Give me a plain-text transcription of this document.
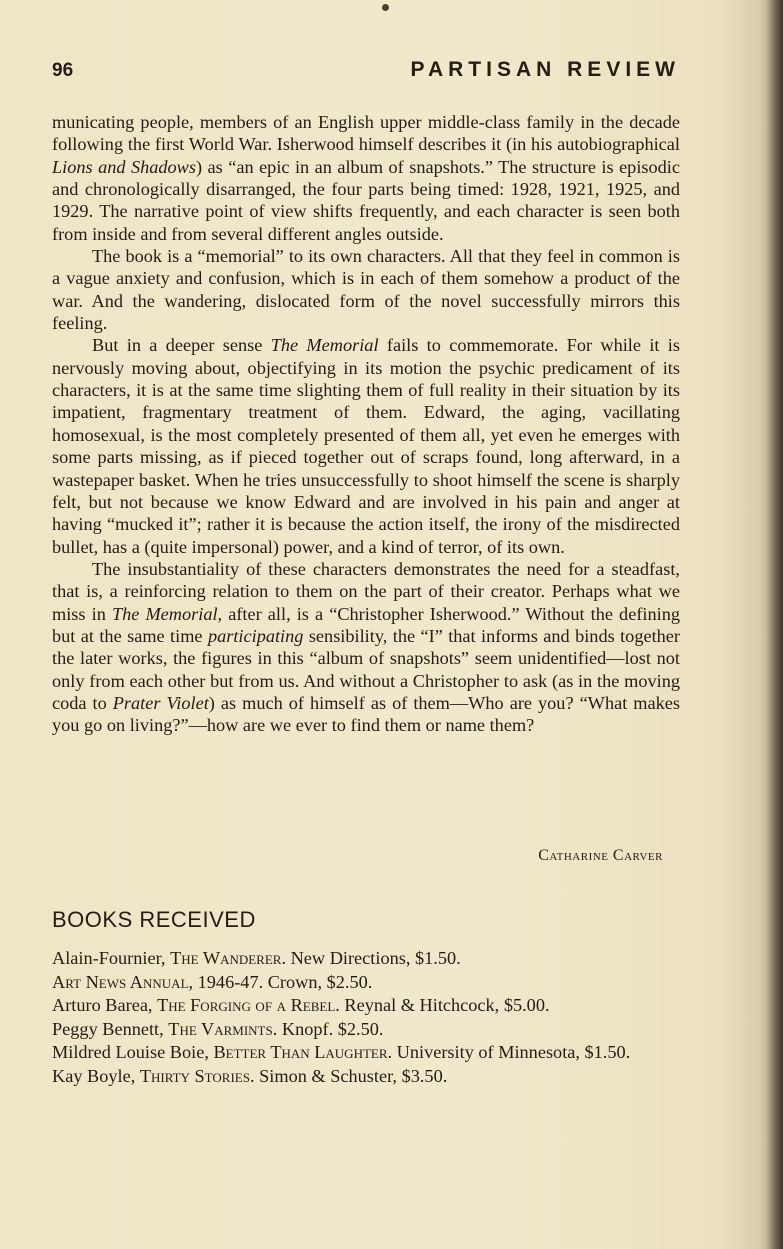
96	PARTISAN REVIEW

municating people, members of an English upper middle-class family in the decade following the first World War. Isherwood himself describes it (in his autobiographical Lions and Shadows) as “an epic in an album of snapshots.” The structure is episodic and chronologically disarranged, the four parts being timed: 1928, 1921, 1925, and 1929. The narrative point of view shifts frequently, and each character is seen both from inside and from several different angles outside.

The book is a “memorial” to its own characters. All that they feel in common is a vague anxiety and confusion, which is in each of them somehow a product of the war. And the wandering, dislocated form of the novel successfully mirrors this feeling.

But in a deeper sense The Memorial fails to commemorate. For while it is nervously moving about, objectifying in its motion the psychic predicament of its characters, it is at the same time slighting them of full reality in their situation by its impatient, fragmentary treatment of them. Edward, the aging, vacillating homosexual, is the most completely presented of them all, yet even he emerges with some parts missing, as if pieced together out of scraps found, long afterward, in a wastepaper basket. When he tries unsuccessfully to shoot himself the scene is sharply felt, but not because we know Edward and are involved in his pain and anger at having “mucked it”; rather it is because the action itself, the irony of the misdirected bullet, has a (quite impersonal) power, and a kind of terror, of its own.

The insubstantiality of these characters demonstrates the need for a steadfast, that is, a reinforcing relation to them on the part of their creator. Perhaps what we miss in The Memorial, after all, is a “Christopher Isherwood.” Without the defining but at the same time participating sensibility, the “I” that informs and binds together the later works, the figures in this “album of snapshots” seem unidentified—lost not only from each other but from us. And without a Christopher to ask (as in the moving coda to Prater Violet) as much of himself as of them—Who are you? “What makes you go on living?”—how are we ever to find them or name them?

Catharine Carver
BOOKS RECEIVED
Alain-Fournier, The Wanderer. New Directions, $1.50.
Art News Annual, 1946-47. Crown, $2.50.
Arturo Barea, The Forging of a Rebel. Reynal & Hitchcock, $5.00.
Peggy Bennett, The Varmints. Knopf. $2.50.
Mildred Louise Boie, Better Than Laughter. University of Minnesota, $1.50.
Kay Boyle, Thirty Stories. Simon & Schuster, $3.50.
